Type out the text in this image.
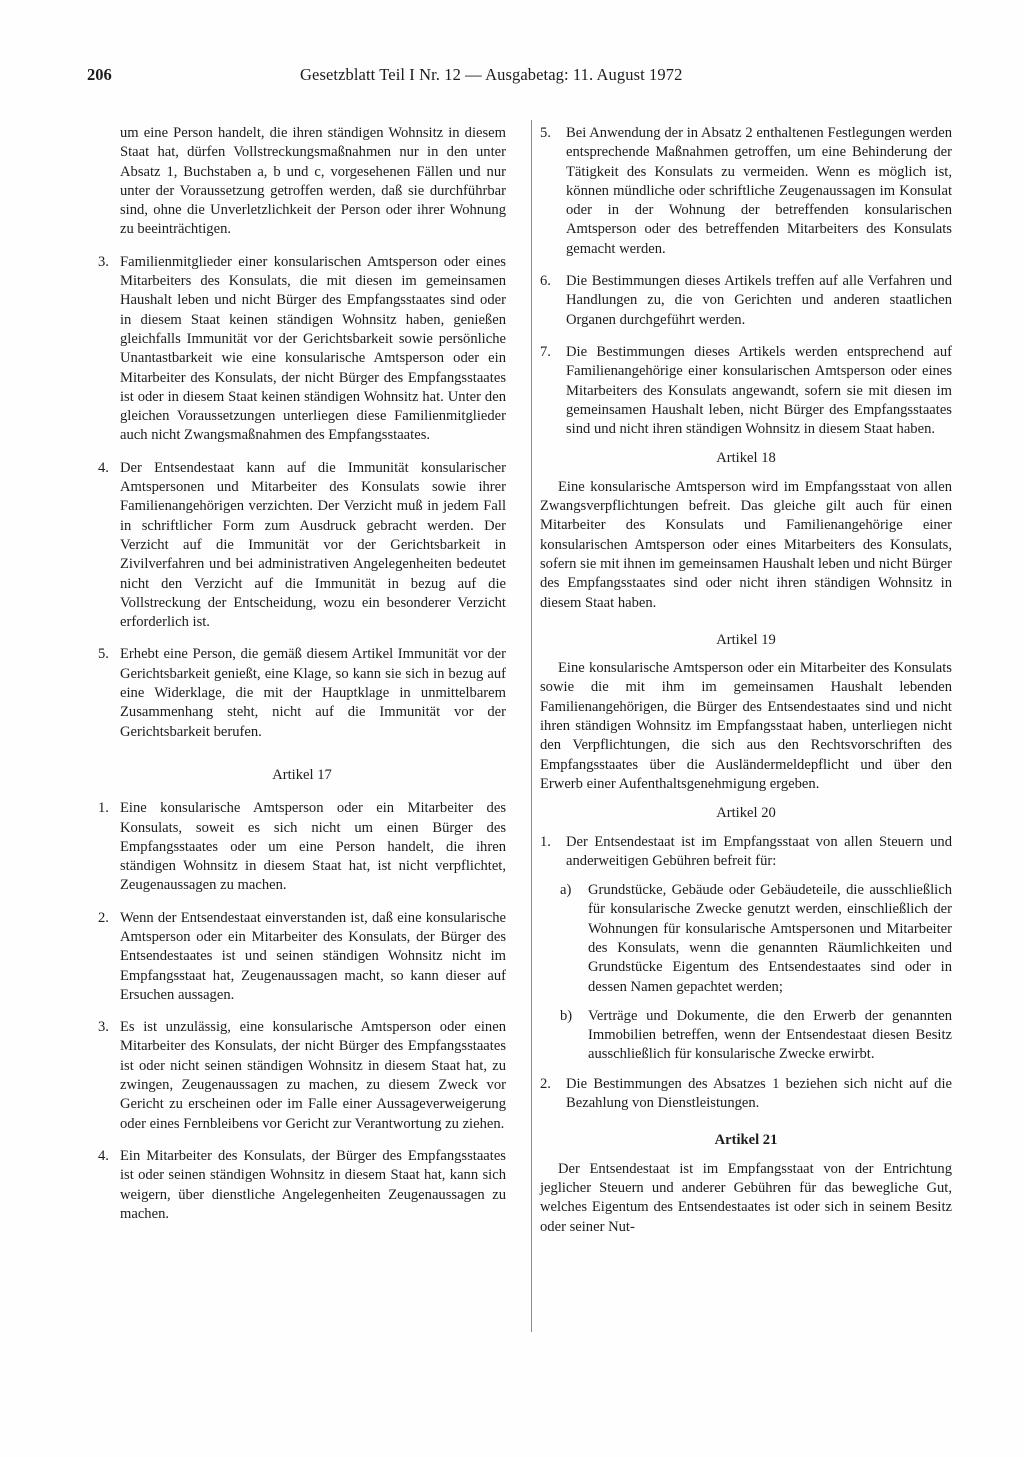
206	Gesetzblatt Teil I Nr. 12 — Ausgabetag: 11. August 1972

um eine Person handelt, die ihren ständigen Wohnsitz in diesem Staat hat, dürfen Vollstreckungsmaßnahmen nur in den unter Absatz 1, Buchstaben a, b und c, vorgesehenen Fällen und nur unter der Voraussetzung getroffen werden, daß sie durchführbar sind, ohne die Unverletzlichkeit der Person oder ihrer Wohnung zu beeinträchtigen.

3. Familienmitglieder einer konsularischen Amtsperson oder eines Mitarbeiters des Konsulats, die mit diesen im gemeinsamen Haushalt leben und nicht Bürger des Empfangsstaates sind oder in diesem Staat keinen ständigen Wohnsitz haben, genießen gleichfalls Immunität vor der Gerichtsbarkeit sowie persönliche Unantastbarkeit wie eine konsularische Amtsperson oder ein Mitarbeiter des Konsulats, der nicht Bürger des Empfangsstaates ist oder in diesem Staat keinen ständigen Wohnsitz hat. Unter den gleichen Voraussetzungen unterliegen diese Familienmitglieder auch nicht Zwangsmaßnahmen des Empfangsstaates.
4. Der Entsendestaat kann auf die Immunität konsularischer Amtspersonen und Mitarbeiter des Konsulats sowie ihrer Familienangehörigen verzichten. Der Verzicht muß in jedem Fall in schriftlicher Form zum Ausdruck gebracht werden. Der Verzicht auf die Immunität vor der Gerichtsbarkeit in Zivilverfahren und bei administrativen Angelegenheiten bedeutet nicht den Verzicht auf die Immunität in bezug auf die Vollstreckung der Entscheidung, wozu ein besonderer Verzicht erforderlich ist.
5. Erhebt eine Person, die gemäß diesem Artikel Immunität vor der Gerichtsbarkeit genießt, eine Klage, so kann sie sich in bezug auf eine Widerklage, die mit der Hauptklage in unmittelbarem Zusammenhang steht, nicht auf die Immunität vor der Gerichtsbarkeit berufen.

Artikel 17

1. Eine konsularische Amtsperson oder ein Mitarbeiter des Konsulats, soweit es sich nicht um einen Bürger des Empfangsstaates oder um eine Person handelt, die ihren ständigen Wohnsitz in diesem Staat hat, ist nicht verpflichtet, Zeugenaussagen zu machen.
2. Wenn der Entsendestaat einverstanden ist, daß eine konsularische Amtsperson oder ein Mitarbeiter des Konsulats, der Bürger des Entsendestaates ist und seinen ständigen Wohnsitz nicht im Empfangsstaat hat, Zeugenaussagen macht, so kann dieser auf Ersuchen aussagen.
3. Es ist unzulässig, eine konsularische Amtsperson oder einen Mitarbeiter des Konsulats, der nicht Bürger des Empfangsstaates ist oder nicht seinen ständigen Wohnsitz in diesem Staat hat, zu zwingen, Zeugenaussagen zu machen, zu diesem Zweck vor Gericht zu erscheinen oder im Falle einer Aussageverweigerung oder eines Fernbleibens vor Gericht zur Verantwortung zu ziehen.
4. Ein Mitarbeiter des Konsulats, der Bürger des Empfangsstaates ist oder seinen ständigen Wohnsitz in diesem Staat hat, kann sich weigern, über dienstliche Angelegenheiten Zeugenaussagen zu machen.
5. Bei Anwendung der in Absatz 2 enthaltenen Festlegungen werden entsprechende Maßnahmen getroffen, um eine Behinderung der Tätigkeit des Konsulats zu vermeiden. Wenn es möglich ist, können mündliche oder schriftliche Zeugenaussagen im Konsulat oder in der Wohnung der betreffenden konsularischen Amtsperson oder des betreffenden Mitarbeiters des Konsulats gemacht werden.
6. Die Bestimmungen dieses Artikels treffen auf alle Verfahren und Handlungen zu, die von Gerichten und anderen staatlichen Organen durchgeführt werden.
7. Die Bestimmungen dieses Artikels werden entsprechend auf Familienangehörige einer konsularischen Amtsperson oder eines Mitarbeiters des Konsulats angewandt, sofern sie mit diesen im gemeinsamen Haushalt leben, nicht Bürger des Empfangsstaates sind und nicht ihren ständigen Wohnsitz in diesem Staat haben.

Artikel 18

Eine konsularische Amtsperson wird im Empfangsstaat von allen Zwangsverpflichtungen befreit. Das gleiche gilt auch für einen Mitarbeiter des Konsulats und Familienangehörige einer konsularischen Amtsperson oder eines Mitarbeiters des Konsulats, sofern sie mit ihnen im gemeinsamen Haushalt leben und nicht Bürger des Empfangsstaates sind oder nicht ihren ständigen Wohnsitz in diesem Staat haben.

Artikel 19

Eine konsularische Amtsperson oder ein Mitarbeiter des Konsulats sowie die mit ihm im gemeinsamen Haushalt lebenden Familienangehörigen, die Bürger des Entsendestaates sind und nicht ihren ständigen Wohnsitz im Empfangsstaat haben, unterliegen nicht den Verpflichtungen, die sich aus den Rechtsvorschriften des Empfangsstaates über die Ausländermeldepflicht und über den Erwerb einer Aufenthaltsgenehmigung ergeben.

Artikel 20

1. Der Entsendestaat ist im Empfangsstaat von allen Steuern und anderweitigen Gebühren befreit für:
a) Grundstücke, Gebäude oder Gebäudeteile, die ausschließlich für konsularische Zwecke genutzt werden, einschließlich der Wohnungen für konsularische Amtspersonen und Mitarbeiter des Konsulats, wenn die genannten Räumlichkeiten und Grundstücke Eigentum des Entsendestaates sind oder in dessen Namen gepachtet werden;
b) Verträge und Dokumente, die den Erwerb der genannten Immobilien betreffen, wenn der Entsendestaat diesen Besitz ausschließlich für konsularische Zwecke erwirbt.
2. Die Bestimmungen des Absatzes 1 beziehen sich nicht auf die Bezahlung von Dienstleistungen.

Artikel 21

Der Entsendestaat ist im Empfangsstaat von der Entrichtung jeglicher Steuern und anderer Gebühren für das bewegliche Gut, welches Eigentum des Entsendestaates ist oder sich in seinem Besitz oder seiner Nut-
